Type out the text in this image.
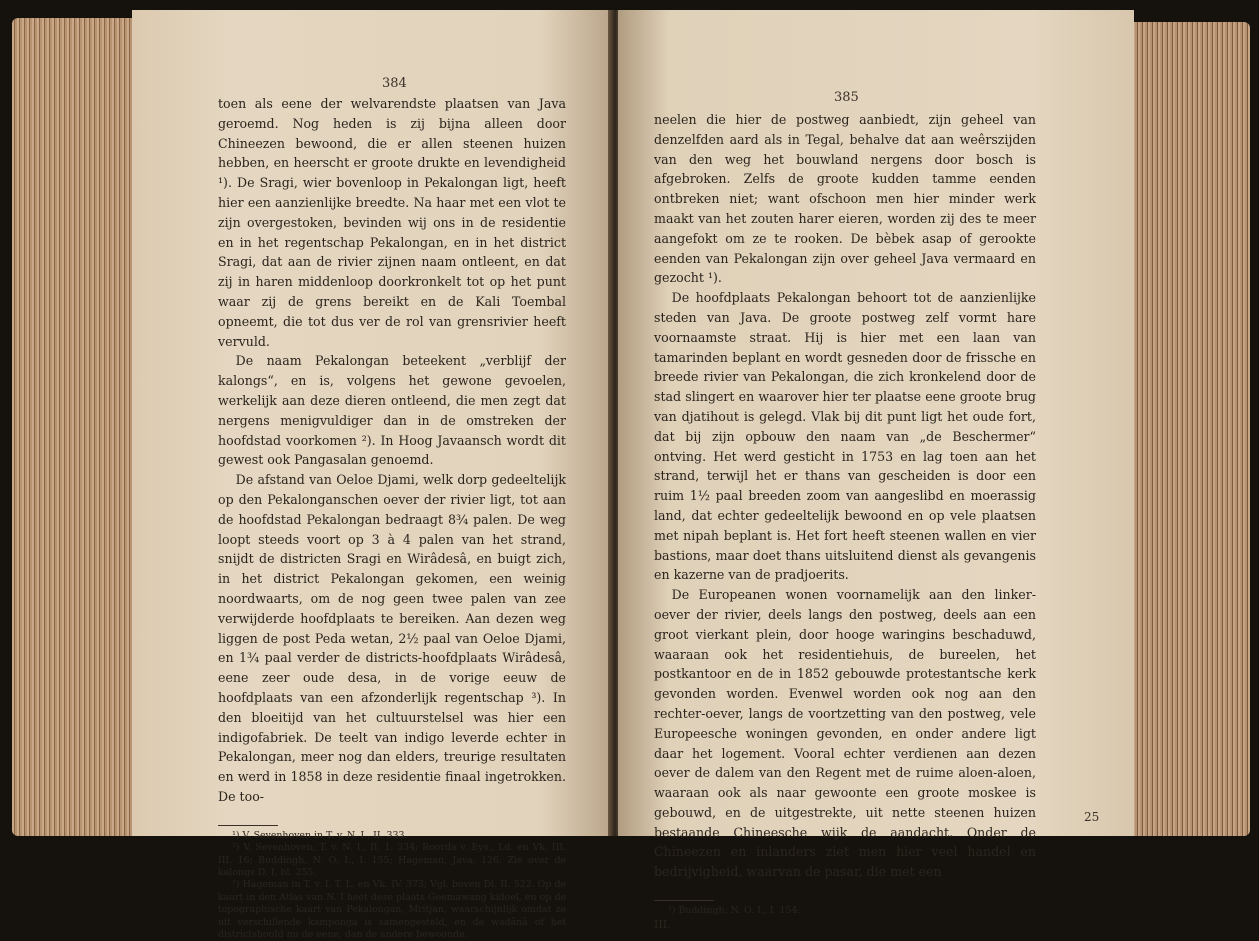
384

toen als eene der welvarendste plaatsen van Java geroemd. Nog heden is zij bijna alleen door Chineezen bewoond, die er allen steenen huizen hebben, en heerscht er groote drukte en levendigheid ¹). De Sragi, wier bovenloop in Pekalongan ligt, heeft hier een aanzienlijke breedte. Na haar met een vlot te zijn overgestoken, bevinden wij ons in de residentie en in het regentschap Pekalongan, en in het district Sragi, dat aan de rivier zijnen naam ontleent, en dat zij in haren middenloop doorkronkelt tot op het punt waar zij de grens bereikt en de Kali Toembal opneemt, die tot dus ver de rol van grensrivier heeft vervuld.

De naam Pekalongan beteekent „verblijf der kalongs“, en is, volgens het gewone gevoelen, werkelijk aan deze dieren ontleend, die men zegt dat nergens menigvuldiger dan in de omstreken der hoofdstad voorkomen ²). In Hoog Javaansch wordt dit gewest ook Pangasalan genoemd.

De afstand van Oeloe Djami, welk dorp gedeeltelijk op den Pekalonganschen oever der rivier ligt, tot aan de hoofdstad Pekalongan bedraagt 8¾ palen. De weg loopt steeds voort op 3 à 4 palen van het strand, snijdt de districten Sragi en Wirâdesâ, en buigt zich, in het district Pekalongan gekomen, een weinig noordwaarts, om de nog geen twee palen van zee verwijderde hoofdplaats te bereiken. Aan dezen weg liggen de post Peda wetan, 2½ paal van Oeloe Djami, en 1¾ paal verder de districts-hoofdplaats Wirâdesâ, eene zeer oude desa, in de vorige eeuw de hoofdplaats van een afzonderlijk regentschap ³). In den bloeitijd van het cultuurstelsel was hier een indigofabriek. De teelt van indigo leverde echter in Pekalongan, meer nog dan elders, treurige resultaten en werd in 1858 in deze residentie finaal ingetrokken. De too-

¹) V. Sevenhoven in T. v. N. I., II. 333.
²) V. Sevenhoven, T. v. N. I., II. 1. 334; Roorda v. Eys., Ld. en Vk. III. III. 16; Buddingh, N. O. I., I. 155; Hageman, Java. 126. Zie over de kalongs D. I, bl. 255.
³) Hageman in T. v. I. T. L. en Vk. IV. 373; Vgl. boven Dl. II. 522. Op de kaart in den Atlas van N. I heet deze plaats Geemawang kidoel, en op de topographische kaart van Pekalongan, Mritjan, waarschijnlijk omdat ze uit verschillende kamponga is samengesteld, en de wadânâ of het districtshoofd nu de eene, dan de andere bewoonde.
385

neelen die hier de postweg aanbiedt, zijn geheel van denzelfden aard als in Tegal, behalve dat aan weêrszijden van den weg het bouwland nergens door bosch is afgebroken. Zelfs de groote kudden tamme eenden ontbreken niet; want ofschoon men hier minder werk maakt van het zouten harer eieren, worden zij des te meer aangefokt om ze te rooken. De bèbek asap of gerookte eenden van Pekalongan zijn over geheel Java vermaard en gezocht ¹).

De hoofdplaats Pekalongan behoort tot de aanzienlijke steden van Java. De groote postweg zelf vormt hare voornaamste straat. Hij is hier met een laan van tamarinden beplant en wordt gesneden door de frissche en breede rivier van Pekalongan, die zich kronkelend door de stad slingert en waarover hier ter plaatse eene groote brug van djatihout is gelegd. Vlak bij dit punt ligt het oude fort, dat bij zijn opbouw den naam van „de Beschermer“ ontving. Het werd gesticht in 1753 en lag toen aan het strand, terwijl het er thans van gescheiden is door een ruim 1½ paal breeden zoom van aangeslibd en moerassig land, dat echter gedeeltelijk bewoond en op vele plaatsen met nipah beplant is. Het fort heeft steenen wallen en vier bastions, maar doet thans uitsluitend dienst als gevangenis en kazerne van de pradjoerits.

De Europeanen wonen voornamelijk aan den linker-oever der rivier, deels langs den postweg, deels aan een groot vierkant plein, door hooge waringins beschaduwd, waaraan ook het residentiehuis, de bureelen, het postkantoor en de in 1852 gebouwde protestantsche kerk gevonden worden. Evenwel worden ook nog aan den rechter-oever, langs de voortzetting van den postweg, vele Europeesche woningen gevonden, en onder andere ligt daar het logement. Vooral echter verdienen aan dezen oever de dalem van den Regent met de ruime aloen-aloen, waaraan ook als naar gewoonte een groote moskee is gebouwd, en de uitgestrekte, uit nette steenen huizen bestaande Chineesche wijk de aandacht. Onder de Chineezen en inlanders ziet men hier veel handel en bedrijvigheid, waarvan de pasar, die met een

¹) Buddingh, N. O. I., I. 154.
III.
25
